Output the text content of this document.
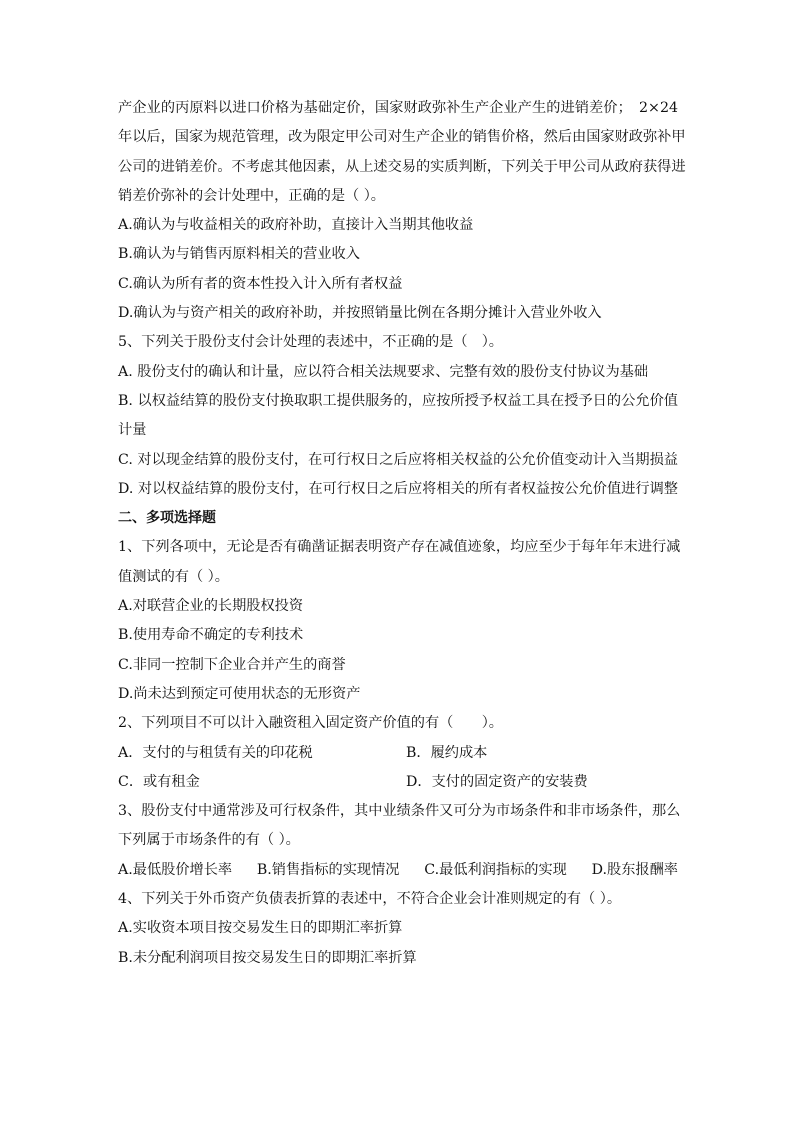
产企业的丙原料以进口价格为基础定价，国家财政弥补生产企业产生的进销差价；　2×24
年以后，国家为规范管理，改为限定甲公司对生产企业的销售价格，然后由国家财政弥补甲
公司的进销差价。不考虑其他因素，从上述交易的实质判断，下列关于甲公司从政府获得进
销差价弥补的会计处理中，正确的是（ ）。
A.确认为与收益相关的政府补助，直接计入当期其他收益
B.确认为与销售丙原料相关的营业收入
C.确认为所有者的资本性投入计入所有者权益
D.确认为与资产相关的政府补助，并按照销量比例在各期分摊计入营业外收入
5、下列关于股份支付会计处理的表述中，不正确的是（　）。
A. 股份支付的确认和计量，应以符合相关法规要求、完整有效的股份支付协议为基础
B. 以权益结算的股份支付换取职工提供服务的，应按所授予权益工具在授予日的公允价值
计量
C. 对以现金结算的股份支付，在可行权日之后应将相关权益的公允价值变动计入当期损益
D. 对以权益结算的股份支付，在可行权日之后应将相关的所有者权益按公允价值进行调整
二、多项选择题
1、下列各项中，无论是否有确凿证据表明资产存在减值迹象，均应至少于每年年末进行减
值测试的有（ ）。
A.对联营企业的长期股权投资
B.使用寿命不确定的专利技术
C.非同一控制下企业合并产生的商誉
D.尚未达到预定可使用状态的无形资产
2、下列项目不可以计入融资租入固定资产价值的有（　　）。
A．支付的与租赁有关的印花税	B．履约成本
C．或有租金	D．支付的固定资产的安装费
3、股份支付中通常涉及可行权条件，其中业绩条件又可分为市场条件和非市场条件，那么
下列属于市场条件的有（ ）。
A.最低股价增长率 B.销售指标的实现情况 C.最低利润指标的实现 D.股东报酬率
4、下列关于外币资产负债表折算的表述中，不符合企业会计准则规定的有（ ）。
A.实收资本项目按交易发生日的即期汇率折算
B.未分配利润项目按交易发生日的即期汇率折算
